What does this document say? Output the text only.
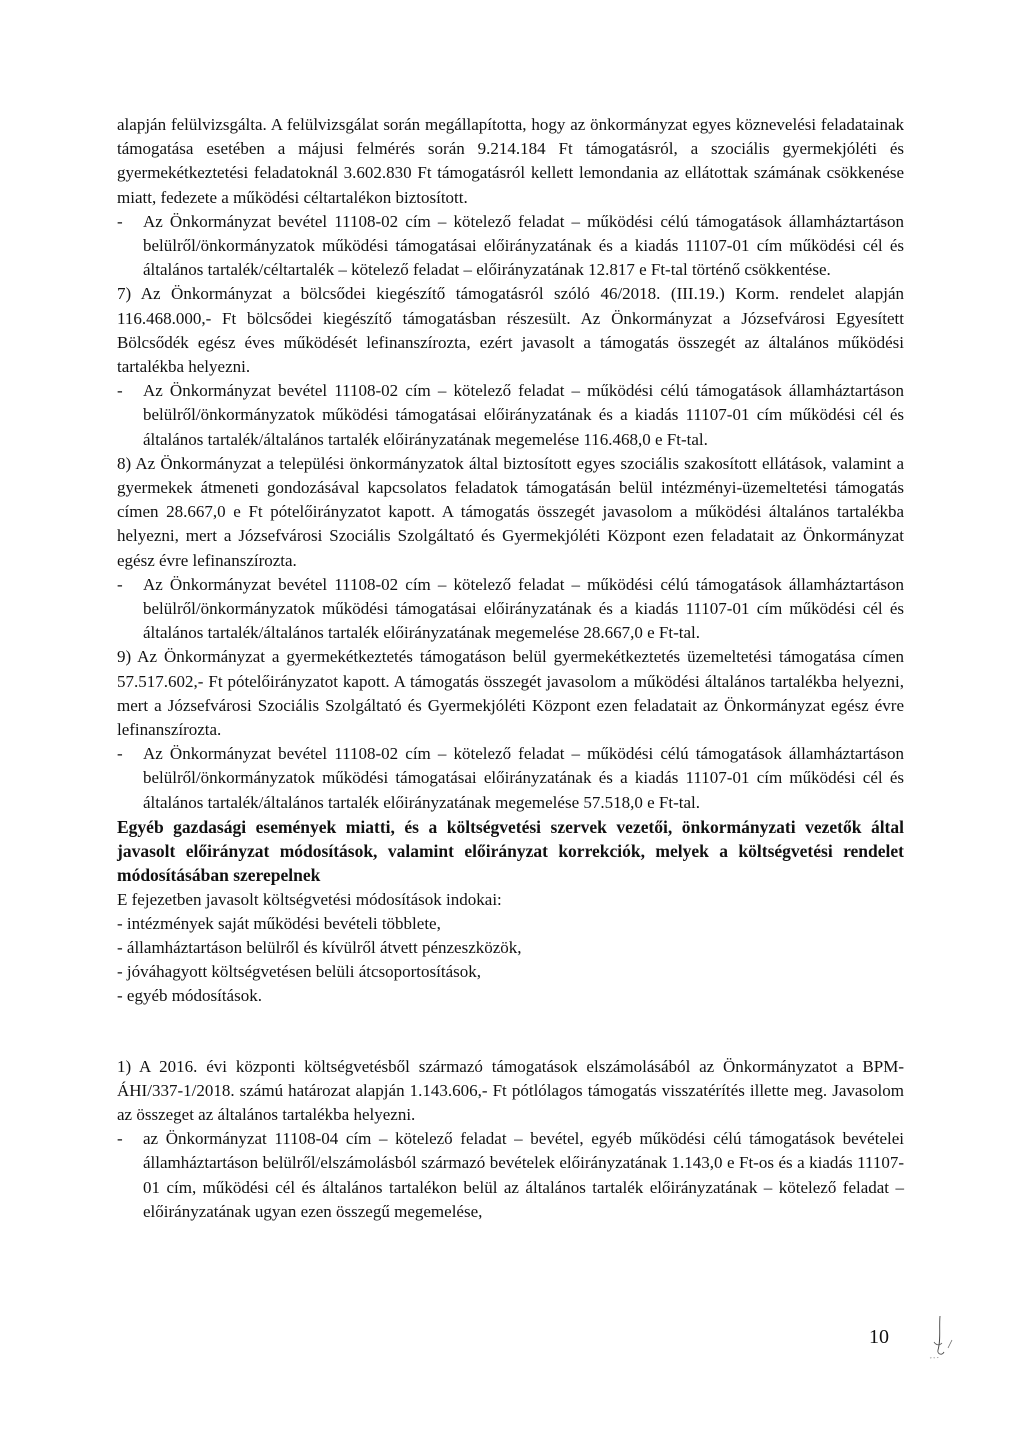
alapján felülvizsgálta. A felülvizsgálat során megállapította, hogy az önkormányzat egyes köznevelési feladatainak támogatása esetében a májusi felmérés során 9.214.184 Ft támogatásról, a szociális gyermekjóléti és gyermekétkeztetési feladatoknál 3.602.830 Ft támogatásról kellett lemondania az ellátottak számának csökkenése miatt, fedezete a működési céltartalékon biztosított.

- Az Önkormányzat bevétel 11108-02 cím – kötelező feladat – működési célú támogatások államháztartáson belülről/önkormányzatok működési támogatásai előirányzatának és a kiadás 11107-01 cím működési cél és általános tartalék/céltartalék – kötelező feladat – előirányzatának 12.817 e Ft-tal történő csökkentése.

7) Az Önkormányzat a bölcsődei kiegészítő támogatásról szóló 46/2018. (III.19.) Korm. rendelet alapján 116.468.000,- Ft bölcsődei kiegészítő támogatásban részesült. Az Önkormányzat a Józsefvárosi Egyesített Bölcsődék egész éves működését lefinanszírozta, ezért javasolt a támogatás összegét az általános működési tartalékba helyezni.

- Az Önkormányzat bevétel 11108-02 cím – kötelező feladat – működési célú támogatások államháztartáson belülről/önkormányzatok működési támogatásai előirányzatának és a kiadás 11107-01 cím működési cél és általános tartalék/általános tartalék előirányzatának megemelése 116.468,0 e Ft-tal.

8) Az Önkormányzat a települési önkormányzatok által biztosított egyes szociális szakosított ellátások, valamint a gyermekek átmeneti gondozásával kapcsolatos feladatok támogatásán belül intézményi-üzemeltetési támogatás címen 28.667,0 e Ft pótelőirányzatot kapott. A támogatás összegét javasolom a működési általános tartalékba helyezni, mert a Józsefvárosi Szociális Szolgáltató és Gyermekjóléti Központ ezen feladatait az Önkormányzat egész évre lefinanszírozta.

- Az Önkormányzat bevétel 11108-02 cím – kötelező feladat – működési célú támogatások államháztartáson belülről/önkormányzatok működési támogatásai előirányzatának és a kiadás 11107-01 cím működési cél és általános tartalék/általános tartalék előirányzatának megemelése 28.667,0 e Ft-tal.

9) Az Önkormányzat a gyermekétkeztetés támogatáson belül gyermekétkeztetés üzemeltetési támogatása címen 57.517.602,- Ft pótelőirányzatot kapott. A támogatás összegét javasolom a működési általános tartalékba helyezni, mert a Józsefvárosi Szociális Szolgáltató és Gyermekjóléti Központ ezen feladatait az Önkormányzat egész évre lefinanszírozta.

- Az Önkormányzat bevétel 11108-02 cím – kötelező feladat – működési célú támogatások államháztartáson belülről/önkormányzatok működési támogatásai előirányzatának és a kiadás 11107-01 cím működési cél és általános tartalék/általános tartalék előirányzatának megemelése 57.518,0 e Ft-tal.

Egyéb gazdasági események miatti, és a költségvetési szervek vezetői, önkormányzati vezetők által javasolt előirányzat módosítások, valamint előirányzat korrekciók, melyek a költségvetési rendelet módosításában szerepelnek

E fejezetben javasolt költségvetési módosítások indokai:

- intézmények saját működési bevételi többlete,

- államháztartáson belülről és kívülről átvett pénzeszközök,

- jóváhagyott költségvetésen belüli átcsoportosítások,

- egyéb módosítások.

1) A 2016. évi központi költségvetésből származó támogatások elszámolásából az Önkormányzatot a BPM-ÁHI/337-1/2018. számú határozat alapján 1.143.606,- Ft pótlólagos támogatás visszatérítés illette meg. Javasolom az összeget az általános tartalékba helyezni.

- az Önkormányzat 11108-04 cím – kötelező feladat – bevétel, egyéb működési célú támogatások bevételei államháztartáson belülről/elszámolásból származó bevételek előirányzatának 1.143,0 e Ft-os és a kiadás 11107-01 cím, működési cél és általános tartalékon belül az általános tartalék előirányzatának – kötelező feladat – előirányzatának ugyan ezen összegű megemelése,

10
